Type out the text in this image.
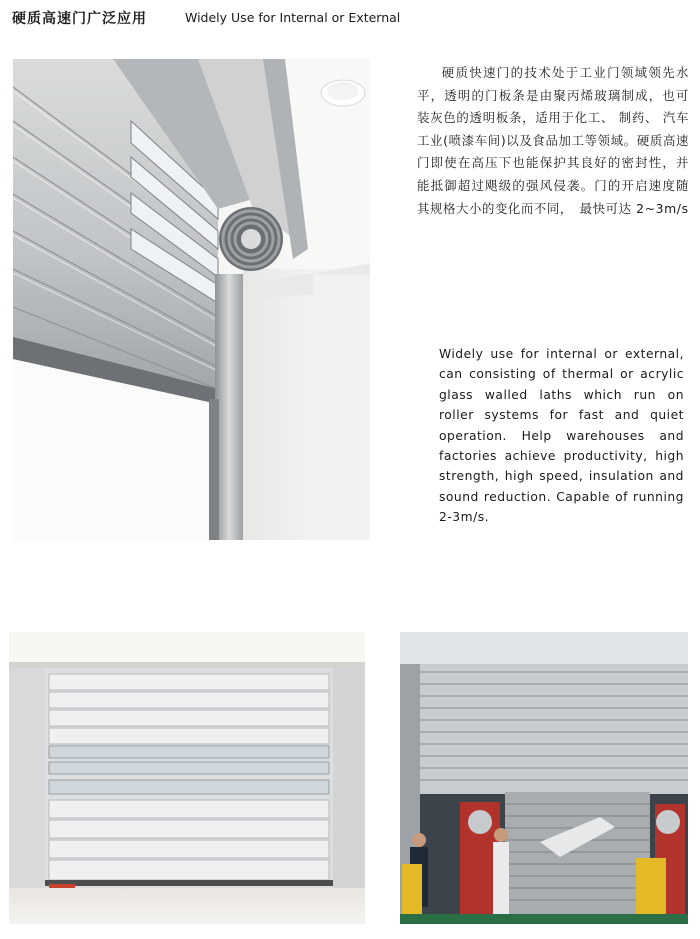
硬质高速门广泛应用	Widely Use for Internal or External
硬质快速门的技术处于工业门领域领先水平，透明的门板条是由聚丙烯玻璃制成，也可装灰色的透明板条，适用于化工、 制药、 汽车工业(喷漆车间)以及食品加工等领域。硬质高速门即使在高压下也能保护其良好的密封性，并能抵御超过飓级的强风侵袭。门的开启速度随其规格大小的变化而不同，　最快可达 2~3m/s
Widely use for internal or external, can consisting of thermal or acrylic glass walled laths which run on roller systems for fast and quiet operation. Help warehouses and factories achieve productivity, high strength, high speed, insulation and sound reduction. Capable of running 2-3m/s.
